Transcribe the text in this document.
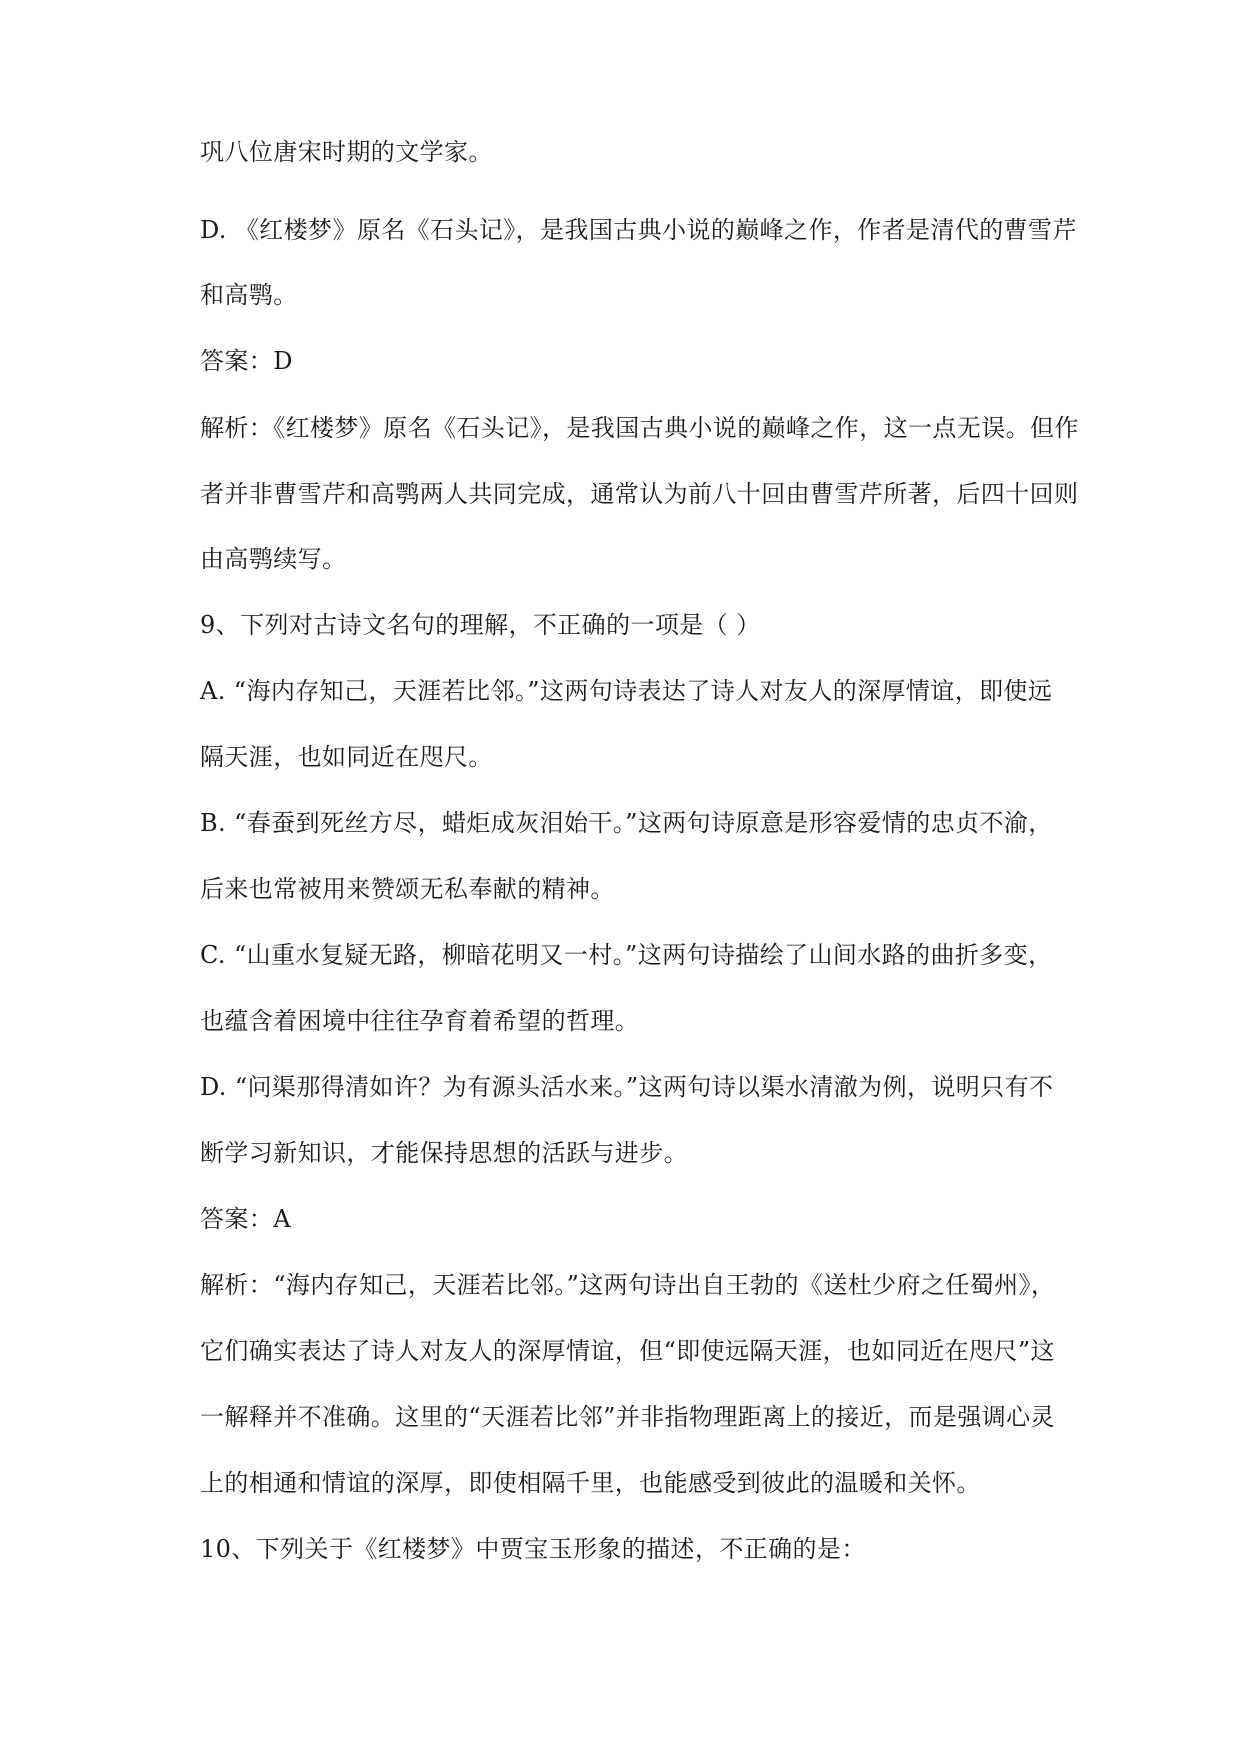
巩八位唐宋时期的文学家。
D. 《红楼梦》原名《石头记》，是我国古典小说的巅峰之作，作者是清代的曹雪芹
和高鹗。
答案：D
解析：《红楼梦》原名《石头记》，是我国古典小说的巅峰之作，这一点无误。但作
者并非曹雪芹和高鹗两人共同完成，通常认为前八十回由曹雪芹所著，后四十回则
由高鹗续写。
9、下列对古诗文名句的理解，不正确的一项是（ ）
A. “海内存知己，天涯若比邻。”这两句诗表达了诗人对友人的深厚情谊，即使远
隔天涯，也如同近在咫尺。
B. “春蚕到死丝方尽，蜡炬成灰泪始干。”这两句诗原意是形容爱情的忠贞不渝，
后来也常被用来赞颂无私奉献的精神。
C. “山重水复疑无路，柳暗花明又一村。”这两句诗描绘了山间水路的曲折多变，
也蕴含着困境中往往孕育着希望的哲理。
D. “问渠那得清如许？为有源头活水来。”这两句诗以渠水清澈为例，说明只有不
断学习新知识，才能保持思想的活跃与进步。
答案：A
解析：“海内存知己，天涯若比邻。”这两句诗出自王勃的《送杜少府之任蜀州》，
它们确实表达了诗人对友人的深厚情谊，但“即使远隔天涯，也如同近在咫尺”这
一解释并不准确。这里的“天涯若比邻”并非指物理距离上的接近，而是强调心灵
上的相通和情谊的深厚，即使相隔千里，也能感受到彼此的温暖和关怀。
10、下列关于《红楼梦》中贾宝玉形象的描述，不正确的是：
